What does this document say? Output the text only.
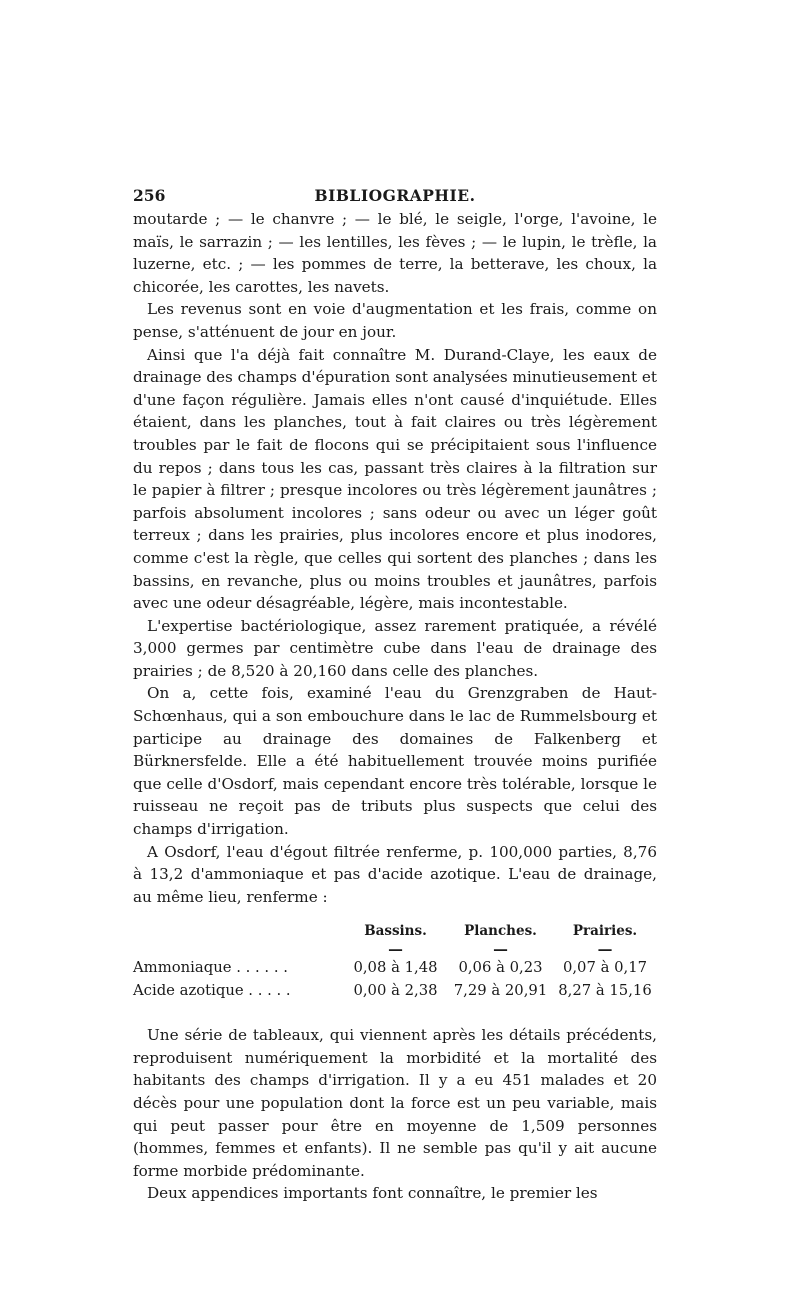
256	BIBLIOGRAPHIE.

moutarde ; — le chanvre ; — le blé, le seigle, l'orge, l'avoine, le maïs, le sarrazin ; — les lentilles, les fèves ; — le lupin, le trèfle, la luzerne, etc. ; — les pommes de terre, la betterave, les choux, la chicorée, les carottes, les navets.

Les revenus sont en voie d'augmentation et les frais, comme on pense, s'atténuent de jour en jour.

Ainsi que l'a déjà fait connaître M. Durand-Claye, les eaux de drainage des champs d'épuration sont analysées minutieusement et d'une façon régulière. Jamais elles n'ont causé d'inquiétude. Elles étaient, dans les planches, tout à fait claires ou très légèrement troubles par le fait de flocons qui se précipitaient sous l'influence du repos ; dans tous les cas, passant très claires à la filtration sur le papier à filtrer ; presque incolores ou très légèrement jaunâtres ; parfois absolument incolores ; sans odeur ou avec un léger goût terreux ; dans les prairies, plus incolores encore et plus inodores, comme c'est la règle, que celles qui sortent des planches ; dans les bassins, en revanche, plus ou moins troubles et jaunâtres, parfois avec une odeur désagréable, légère, mais incontestable.

L'expertise bactériologique, assez rarement pratiquée, a révélé 3,000 germes par centimètre cube dans l'eau de drainage des prairies ; de 8,520 à 20,160 dans celle des planches.

On a, cette fois, examiné l'eau du Grenzgraben de Haut-Schœnhaus, qui a son embouchure dans le lac de Rummelsbourg et participe au drainage des domaines de Falkenberg et Bürknersfelde. Elle a été habituellement trouvée moins purifiée que celle d'Osdorf, mais cependant encore très tolérable, lorsque le ruisseau ne reçoit pas de tributs plus suspects que celui des champs d'irrigation.

A Osdorf, l'eau d'égout filtrée renferme, p. 100,000 parties, 8,76 à 13,2 d'ammoniaque et pas d'acide azotique. L'eau de drainage, au même lieu, renferme :

	Bassins.	Planches.	Prairies.
	—	—	—
Ammoniaque . . . . . .	0,08 à 1,48	0,06 à 0,23	0,07 à 0,17
Acide azotique . . . . .	0,00 à 2,38	7,29 à 20,91	8,27 à 15,16

Une série de tableaux, qui viennent après les détails précédents, reproduisent numériquement la morbidité et la mortalité des habitants des champs d'irrigation. Il y a eu 451 malades et 20 décès pour une population dont la force est un peu variable, mais qui peut passer pour être en moyenne de 1,509 personnes (hommes, femmes et enfants). Il ne semble pas qu'il y ait aucune forme morbide prédominante.

Deux appendices importants font connaître, le premier les
